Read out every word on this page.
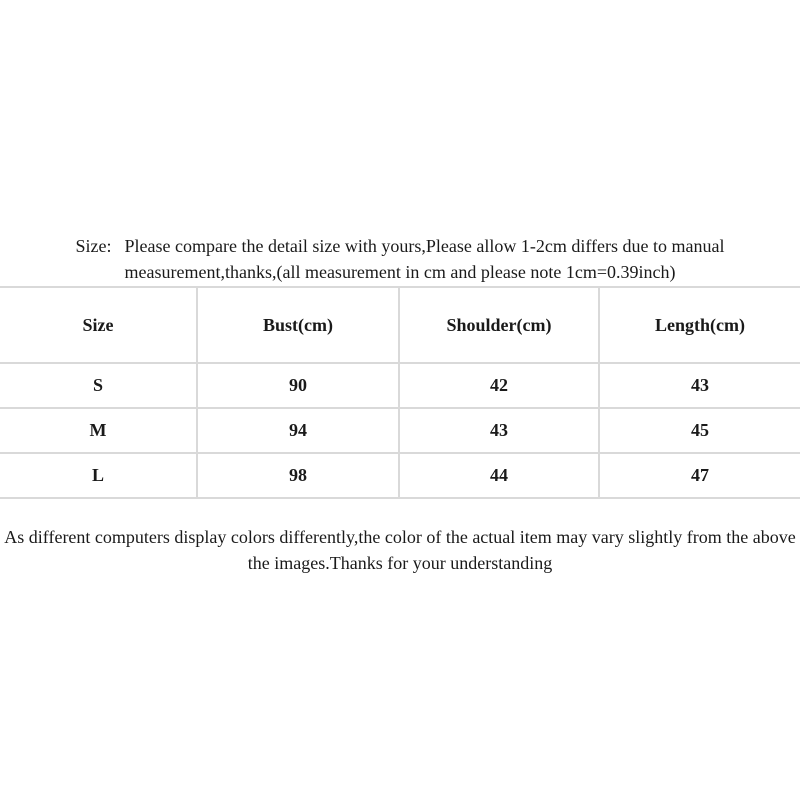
Size: Please compare the detail size with yours,Please allow 1-2cm differs due to manual
measurement,thanks,(all measurement in cm and please note 1cm=0.39inch)
Size	Bust(cm)	Shoulder(cm)	Length(cm)
S	90	42	43
M	94	43	45
L	98	44	47
As different computers display colors differently,the color of the actual item may vary slightly from the above
the images.Thanks for your understanding
